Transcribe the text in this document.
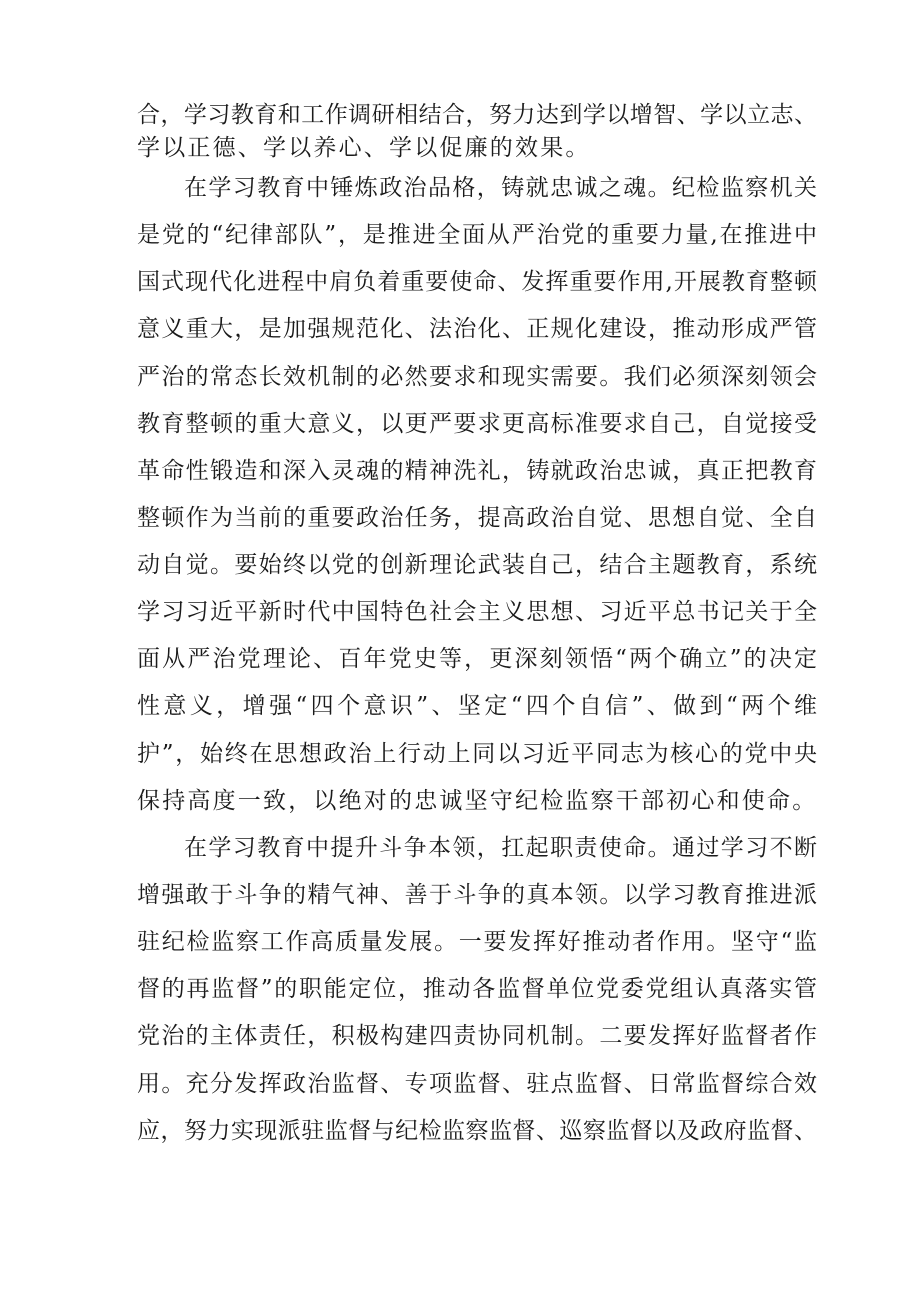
合，学习教育和工作调研相结合，努力达到学以增智、学以立志、
学以正德、学以养心、学以促廉的效果。
在学习教育中锤炼政治品格，铸就忠诚之魂。纪检监察机关
是党的“纪律部队”，是推进全面从严治党的重要力量,在推进中
国式现代化进程中肩负着重要使命、发挥重要作用,开展教育整顿
意义重大，是加强规范化、法治化、正规化建设，推动形成严管
严治的常态长效机制的必然要求和现实需要。我们必须深刻领会
教育整顿的重大意义，以更严要求更高标准要求自己，自觉接受
革命性锻造和深入灵魂的精神洗礼，铸就政治忠诚，真正把教育
整顿作为当前的重要政治任务，提高政治自觉、思想自觉、全自
动自觉。要始终以党的创新理论武装自己，结合主题教育，系统
学习习近平新时代中国特色社会主义思想、习近平总书记关于全
面从严治党理论、百年党史等，更深刻领悟“两个确立”的决定
性意义，增强“四个意识”、坚定“四个自信”、做到“两个维
护”，始终在思想政治上行动上同以习近平同志为核心的党中央
保持高度一致，以绝对的忠诚坚守纪检监察干部初心和使命。
在学习教育中提升斗争本领，扛起职责使命。通过学习不断
增强敢于斗争的精气神、善于斗争的真本领。以学习教育推进派
驻纪检监察工作高质量发展。一要发挥好推动者作用。坚守“监
督的再监督”的职能定位，推动各监督单位党委党组认真落实管
党治的主体责任，积极构建四责协同机制。二要发挥好监督者作
用。充分发挥政治监督、专项监督、驻点监督、日常监督综合效
应，努力实现派驻监督与纪检监察监督、巡察监督以及政府监督、
